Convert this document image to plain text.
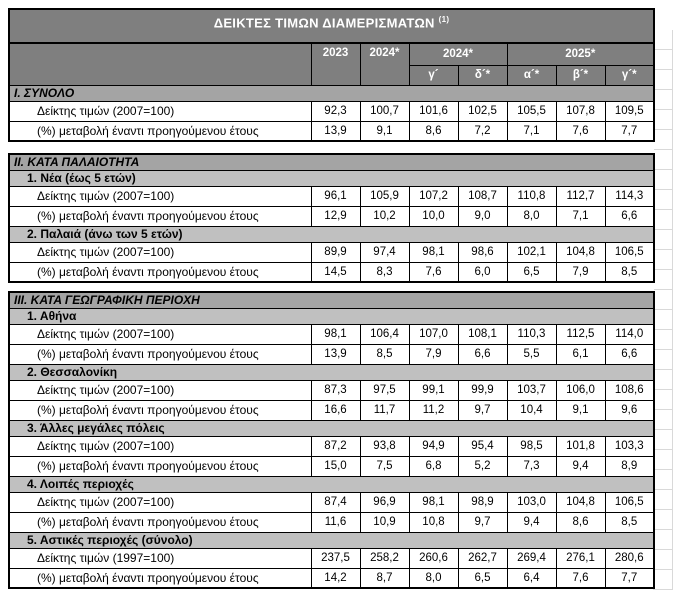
ΔΕΙΚΤΕΣ ΤΙΜΩΝ ΔΙΑΜΕΡΙΣΜΑΤΩΝ $^{(1)}$
	2023	2024*	2024*		2025*		
			γ´	δ´*	α´*	β´*	γ´*
I. ΣΥΝΟΛΟ							
Δείκτης τιμών (2007=100)	92,3	100,7	101,6	102,5	105,5	107,8	109,5
(%) μεταβολή έναντι προηγούμενου έτους	13,9	9,1	8,6	7,2	7,1	7,6	7,7

II. ΚΑΤΑ ΠΑΛΑΙΟΤΗΤΑ							
1. Νέα (έως 5 ετών)							
Δείκτης τιμών (2007=100)	96,1	105,9	107,2	108,7	110,8	112,7	114,3
(%) μεταβολή έναντι προηγούμενου έτους	12,9	10,2	10,0	9,0	8,0	7,1	6,6
2. Παλαιά (άνω των 5 ετών)							
Δείκτης τιμών (2007=100)	89,9	97,4	98,1	98,6	102,1	104,8	106,5
(%) μεταβολή έναντι προηγούμενου έτους	14,5	8,3	7,6	6,0	6,5	7,9	8,5

III. ΚΑΤΑ ΓΕΩΓΡΑΦΙΚΗ ΠΕΡΙΟΧΗ							
1. Αθήνα							
Δείκτης τιμών (2007=100)	98,1	106,4	107,0	108,1	110,3	112,5	114,0
(%) μεταβολή έναντι προηγούμενου έτους	13,9	8,5	7,9	6,6	5,5	6,1	6,6
2. Θεσσαλονίκη							
Δείκτης τιμών (2007=100)	87,3	97,5	99,1	99,9	103,7	106,0	108,6
(%) μεταβολή έναντι προηγούμενου έτους	16,6	11,7	11,2	9,7	10,4	9,1	9,6
3. Άλλες μεγάλες πόλεις							
Δείκτης τιμών (2007=100)	87,2	93,8	94,9	95,4	98,5	101,8	103,3
(%) μεταβολή έναντι προηγούμενου έτους	15,0	7,5	6,8	5,2	7,3	9,4	8,9
4. Λοιπές περιοχές							
Δείκτης τιμών (2007=100)	87,4	96,9	98,1	98,9	103,0	104,8	106,5
(%) μεταβολή έναντι προηγούμενου έτους	11,6	10,9	10,8	9,7	9,4	8,6	8,5
5. Αστικές περιοχές (σύνολο)							
Δείκτης τιμών (1997=100)	237,5	258,2	260,6	262,7	269,4	276,1	280,6
(%) μεταβολή έναντι προηγούμενου έτους	14,2	8,7	8,0	6,5	6,4	7,6	7,7
